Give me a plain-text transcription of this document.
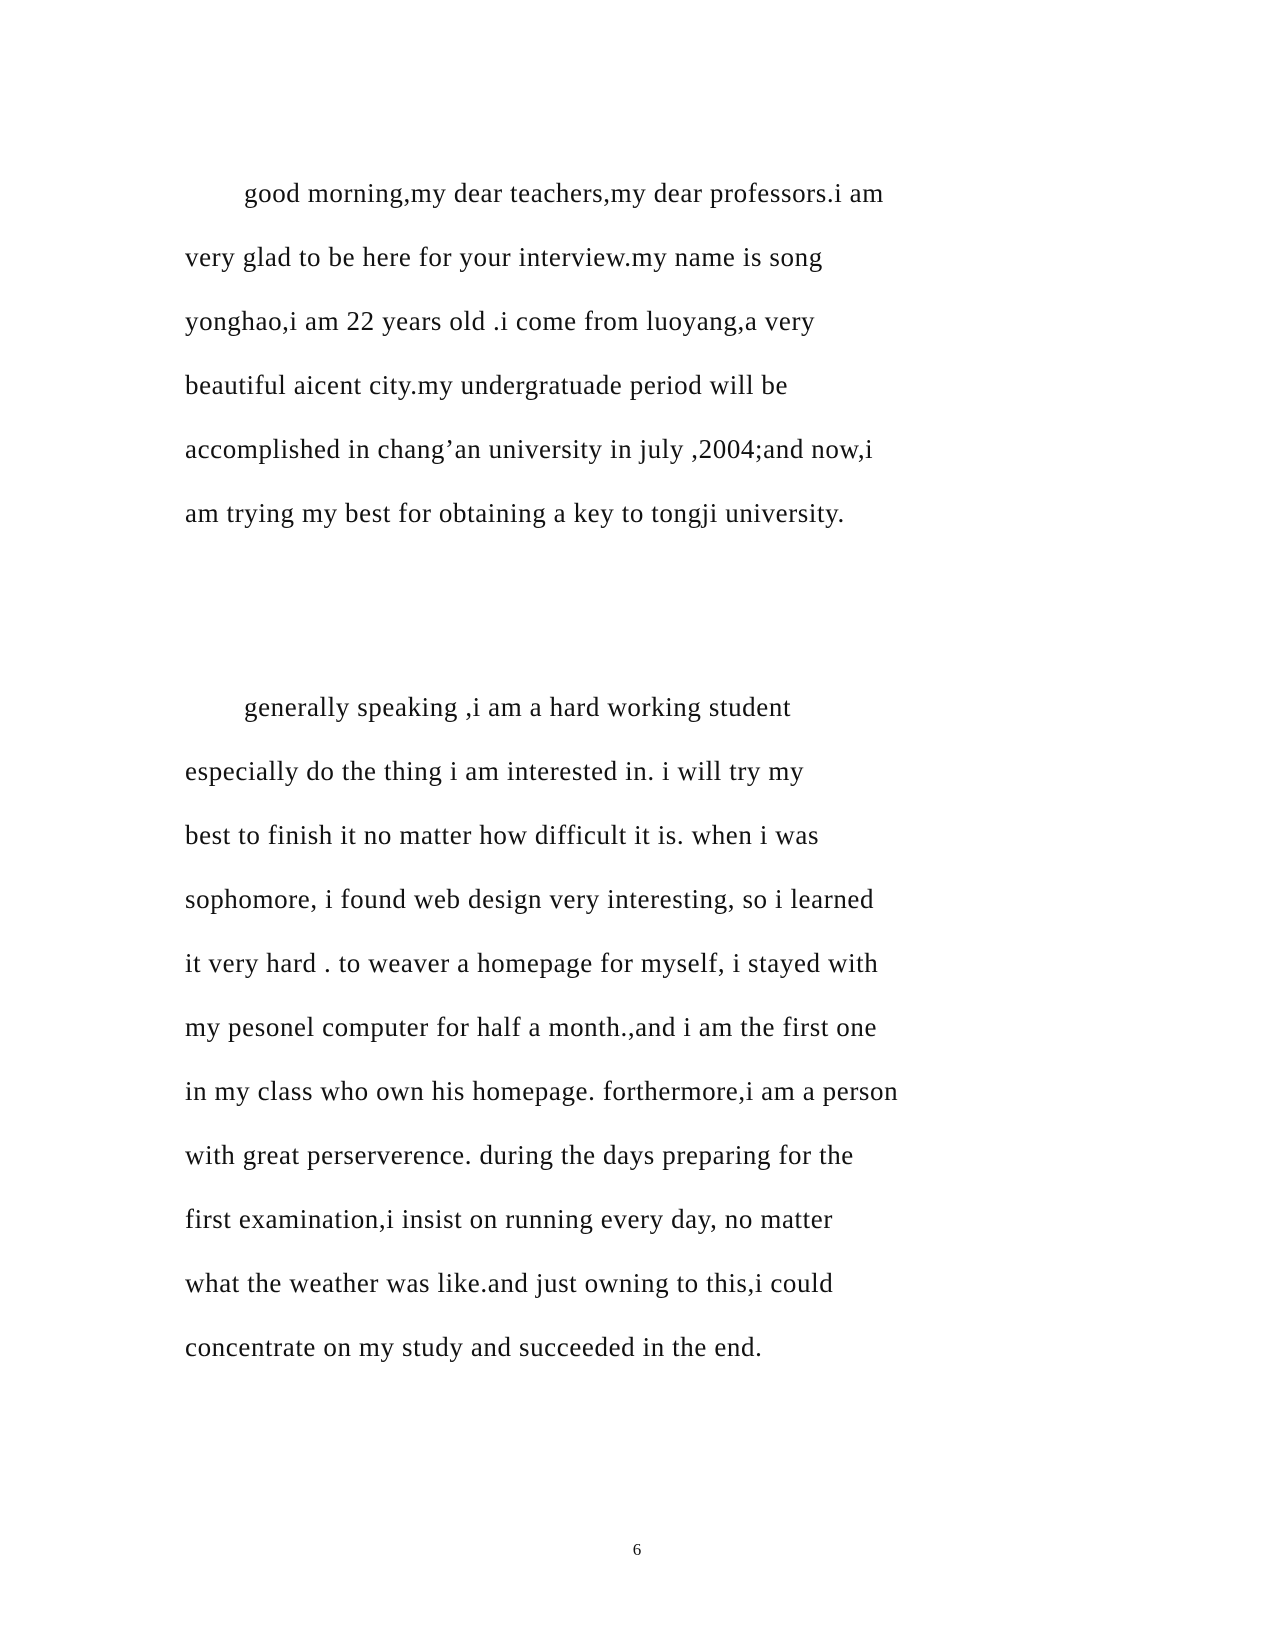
good morning,my dear teachers,my dear professors.i am

very glad to be here for your interview.my name is song

yonghao,i am 22 years old .i come from luoyang,a very

beautiful aicent city.my undergratuade period will be

accomplished in chang’an university in july ,2004;and now,i

am trying my best for obtaining a key to tongji university.

generally speaking ,i am a hard working student

especially do the thing i am interested in. i will try my

best to finish it no matter how difficult it is. when i was

sophomore, i found web design very interesting, so i learned

it very hard . to weaver a homepage for myself, i stayed with

my pesonel computer for half a month.,and i am the first one

in my class who own his homepage. forthermore,i am a person

with great perserverence. during the days preparing for the

first examination,i insist on running every day, no matter

what the weather was like.and just owning to this,i could

concentrate on my study and succeeded in the end.

6
